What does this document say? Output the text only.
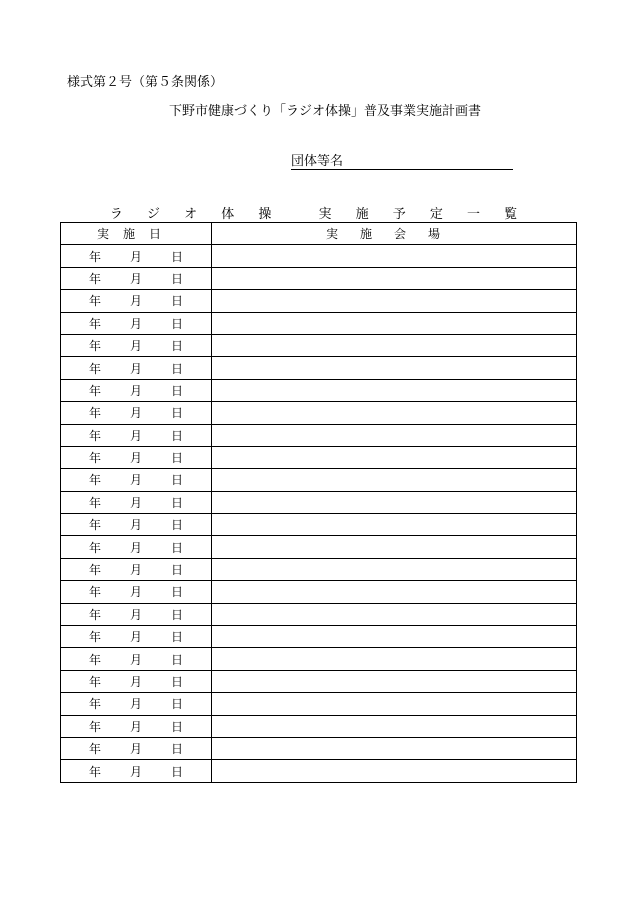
様式第２号（第５条関係）
下野市健康づくり「ラジオ体操」普及事業実施計画書
団体等名
ラ ジ オ 体 操　 実 施 予 定 一 覧
実施日	実施会場

年 月 日	

年 月 日	

年 月 日	

年 月 日	

年 月 日	

年 月 日	

年 月 日	

年 月 日	

年 月 日	

年 月 日	

年 月 日	

年 月 日	

年 月 日	

年 月 日	

年 月 日	

年 月 日	

年 月 日	

年 月 日	

年 月 日	

年 月 日	

年 月 日	

年 月 日	

年 月 日	

年 月 日	
